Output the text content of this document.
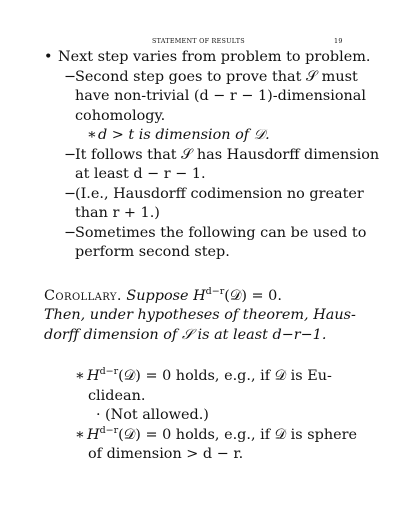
STATEMENT OF RESULTS	19
• Next step varies from problem to problem.
−Second step goes to prove that 𝒮 must
have non-trivial (d − r − 1)-dimensional
cohomology.
∗d > t is dimension of 𝒟.
−It follows that 𝒮 has Hausdorff dimension
at least d − r − 1.
−(I.e., Hausdorff codimension no greater
than r + 1.)
−Sometimes the following can be used to
perform second step.
Corollary. Suppose $H^{d-r}(𝒟) = 0$.
Then, under hypotheses of theorem, Haus-
dorff dimension of 𝒮 is at least d−r−1.
∗ $H^{d-r}(𝒟) = 0$ holds, e.g., if 𝒟 is Eu-
clidean.
· (Not allowed.)
∗ $H^{d-r}(𝒟) = 0$ holds, e.g., if 𝒟 is sphere
of dimension > d − r.
